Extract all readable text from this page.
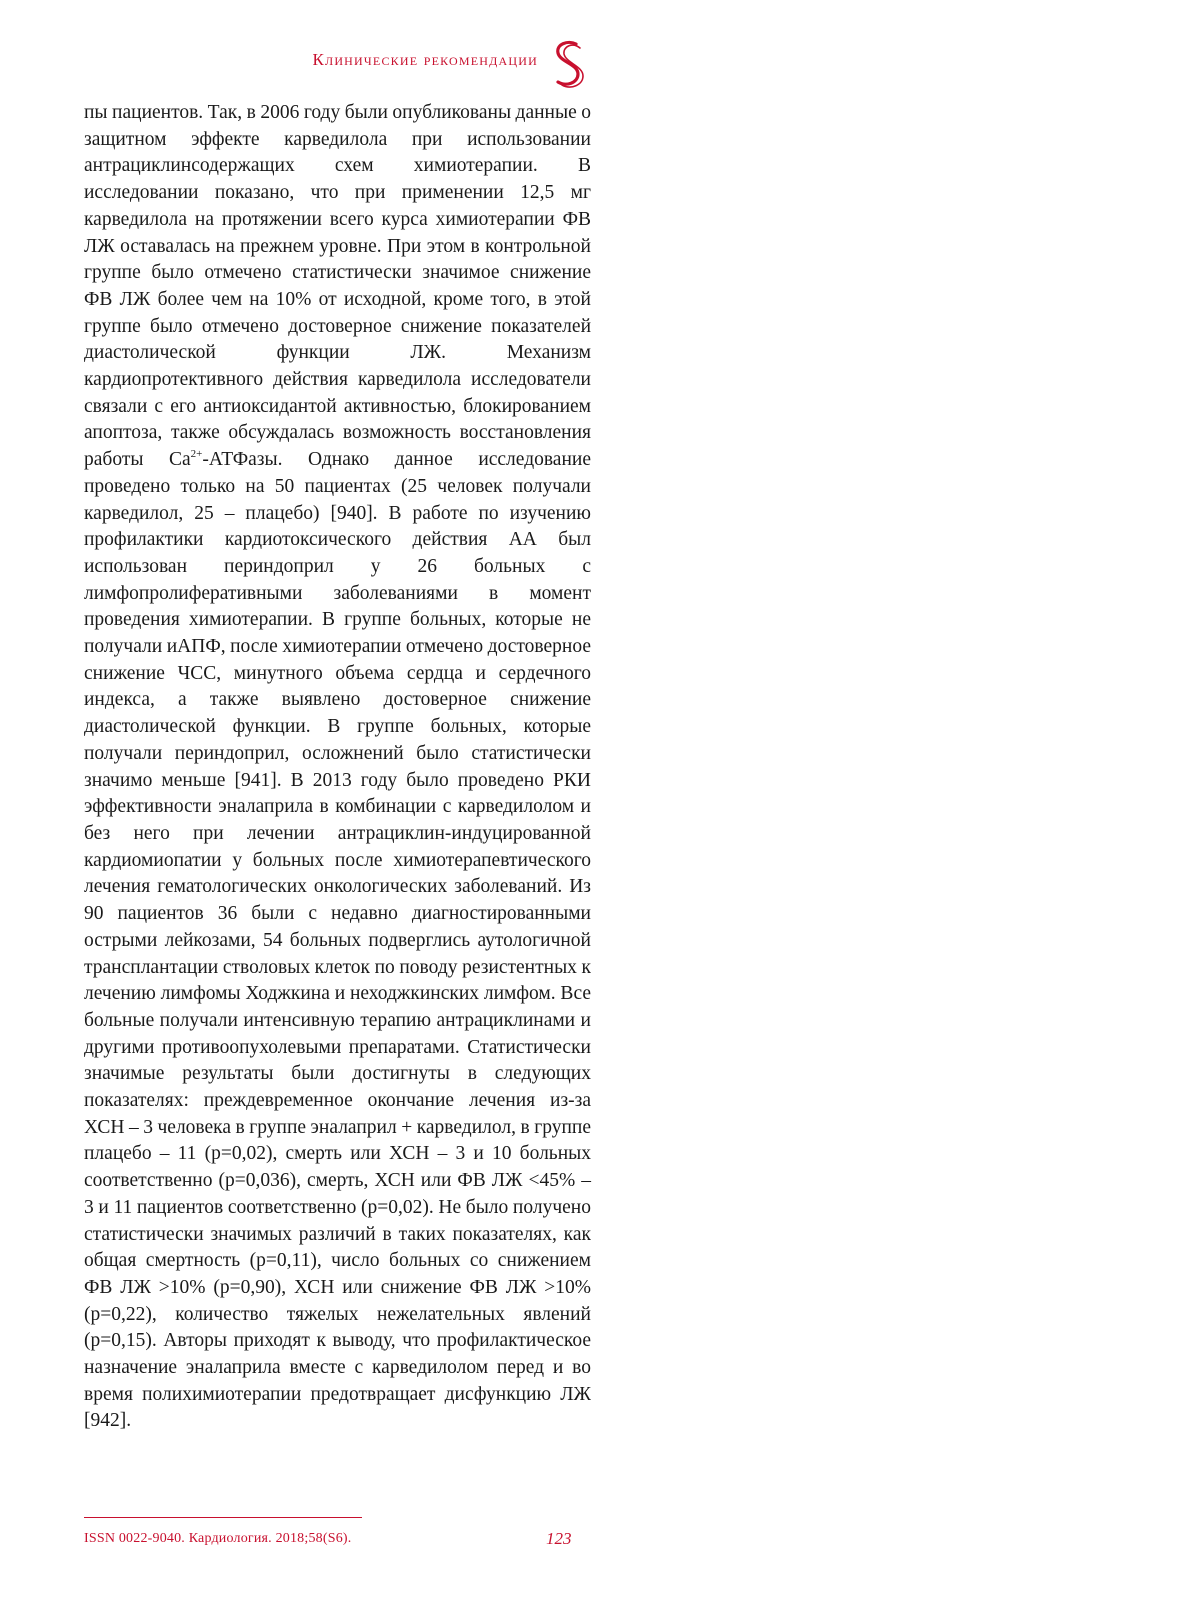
Клинические рекомендации

пы пациентов. Так, в 2006 году были опубликованы данные о защитном эффекте карведилола при использовании антрациклинсодержащих схем химиотерапии. В исследовании показано, что при применении 12,5 мг карведилола на протяжении всего курса химиотерапии ФВ ЛЖ оставалась на прежнем уровне. При этом в контрольной группе было отмечено статистически значимое снижение ФВ ЛЖ более чем на 10% от исходной, кроме того, в этой группе было отмечено достоверное снижение показателей диастолической функции ЛЖ. Механизм кардиопротективного действия карведилола исследователи связали с его антиоксидантой активностью, блокированием апоптоза, также обсуждалась возможность восстановления работы $Ca^{2+}$-АТФазы. Однако данное исследование проведено только на 50 пациентах (25 человек получали карведилол, 25 – плацебо) [940]. В работе по изучению профилактики кардиотоксического действия АА был использован периндоприл у 26 больных с лимфопролиферативными заболеваниями в момент проведения химиотерапии. В группе больных, которые не получали иАПФ, после химиотерапии отмечено достоверное снижение ЧСС, минутного объема сердца и сердечного индекса, а также выявлено достоверное снижение диастолической функции. В группе больных, которые получали периндоприл, осложнений было статистически значимо меньше [941]. В 2013 году было проведено РКИ эффективности эналаприла в комбинации с карведилолом и без него при лечении антрациклин-индуцированной кардиомиопатии у больных после химиотерапевтического лечения гематологических онкологических заболеваний. Из 90 пациентов 36 были с недавно диагностированными острыми лейкозами, 54 больных подверглись аутологичной трансплантации стволовых клеток по поводу резистентных к лечению лимфомы Ходжкина и неходжкинских лимфом. Все больные получали интенсивную терапию антрациклинами и другими противоопухолевыми препаратами. Статистически значимые результаты были достигнуты в следующих показателях: преждевременное окончание лечения из-за ХСН – 3 человека в группе эналаприл + карведилол, в группе плацебо – 11 (p=0,02), смерть или ХСН – 3 и 10 больных соответственно (p=0,036), смерть, ХСН или ФВ ЛЖ <45% – 3 и 11 пациентов соответственно (p=0,02). Не было получено статистически значимых различий в таких показателях, как общая смертность (p=0,11), число больных со снижением ФВ ЛЖ >10% (p=0,90), ХСН или снижение ФВ ЛЖ >10% (p=0,22), количество тяжелых нежелательных явлений (p=0,15). Авторы приходят к выводу, что профилактическое назначение эналаприла вместе с карведилолом перед и во время полихимиотерапии предотвращает дисфункцию ЛЖ [942].

ISSN 0022-9040. Кардиология. 2018;58(S6).	123
